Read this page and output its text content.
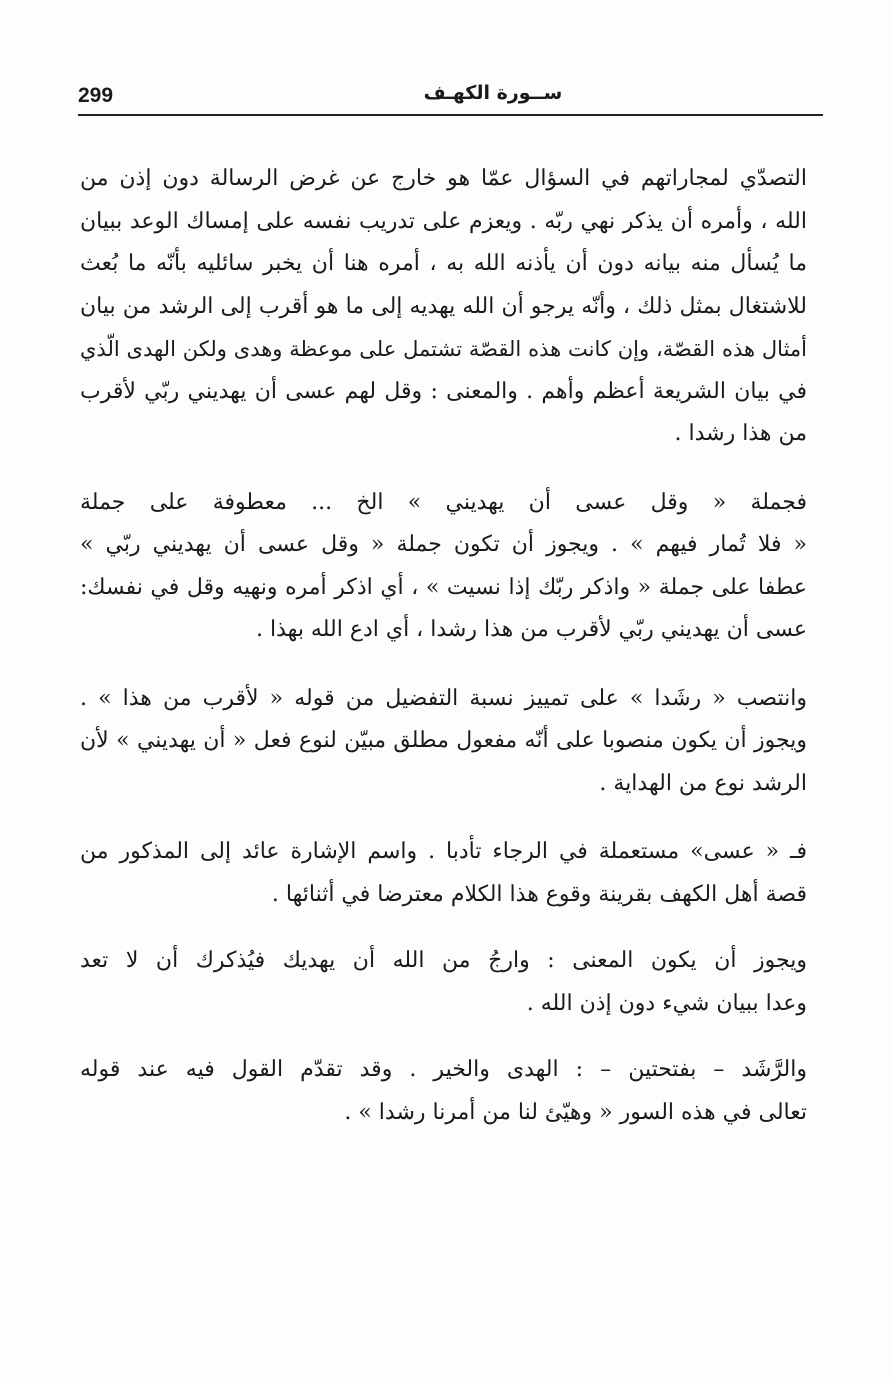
299	ســورة الكهـف

التصدّي لمجاراتهم في السؤال عمّا هو خارج عن غرض الرسالة دون إذن من
الله ، وأمره أن يذكر نهي ربّه . ويعزم على تدريب نفسه على إمساك الوعد ببيان
ما يُسأل منه بيانه دون أن يأذنه الله به ، أمره هنا أن يخبر سائليه بأنّه ما بُعث
للاشتغال بمثل ذلك ، وأنّه يرجو أن الله يهديه إلى ما هو أقرب إلى الرشد من بيان
أمثال هذه القصّة، وإن كانت هذه القصّة تشتمل على موعظة وهدى ولكن الهدى الّذي
في بيان الشريعة أعظم وأهم . والمعنى : وقل لهم عسى أن يهديني ربّي لأقرب
من هذا رشدا .

فجملة « وقل عسى أن يهديني » الخ ... معطوفة على جملة
« فلا تُمار فيهم » . ويجوز أن تكون جملة « وقل عسى أن يهديني ربّي »
عطفا على جملة « واذكر ربّك إذا نسيت » ، أي اذكر أمره ونهيه وقل في نفسك:
عسى أن يهديني ربّي لأقرب من هذا رشدا ، أي ادع الله بهذا .

وانتصب « رشَدا » على تمييز نسبة التفضيل من قوله « لأقرب من هذا » .
ويجوز أن يكون منصوبا على أنّه مفعول مطلق مبيّن لنوع فعل « أن يهديني » لأن
الرشد نوع من الهداية .

فـ « عسى» مستعملة في الرجاء تأدبا . واسم الإشارة عائد إلى المذكور من
قصة أهل الكهف بقرينة وقوع هذا الكلام معترضا في أثنائها .

ويجوز أن يكون المعنى : وارجُ من الله أن يهديك فيُذكرك أن لا تعد
وعدا ببيان شيء دون إذن الله .

والرَّشَد – بفتحتين – : الهدى والخير . وقد تقدّم القول فيه عند قوله
تعالى في هذه السور « وهيّئ لنا من أمرنا رشدا » .
